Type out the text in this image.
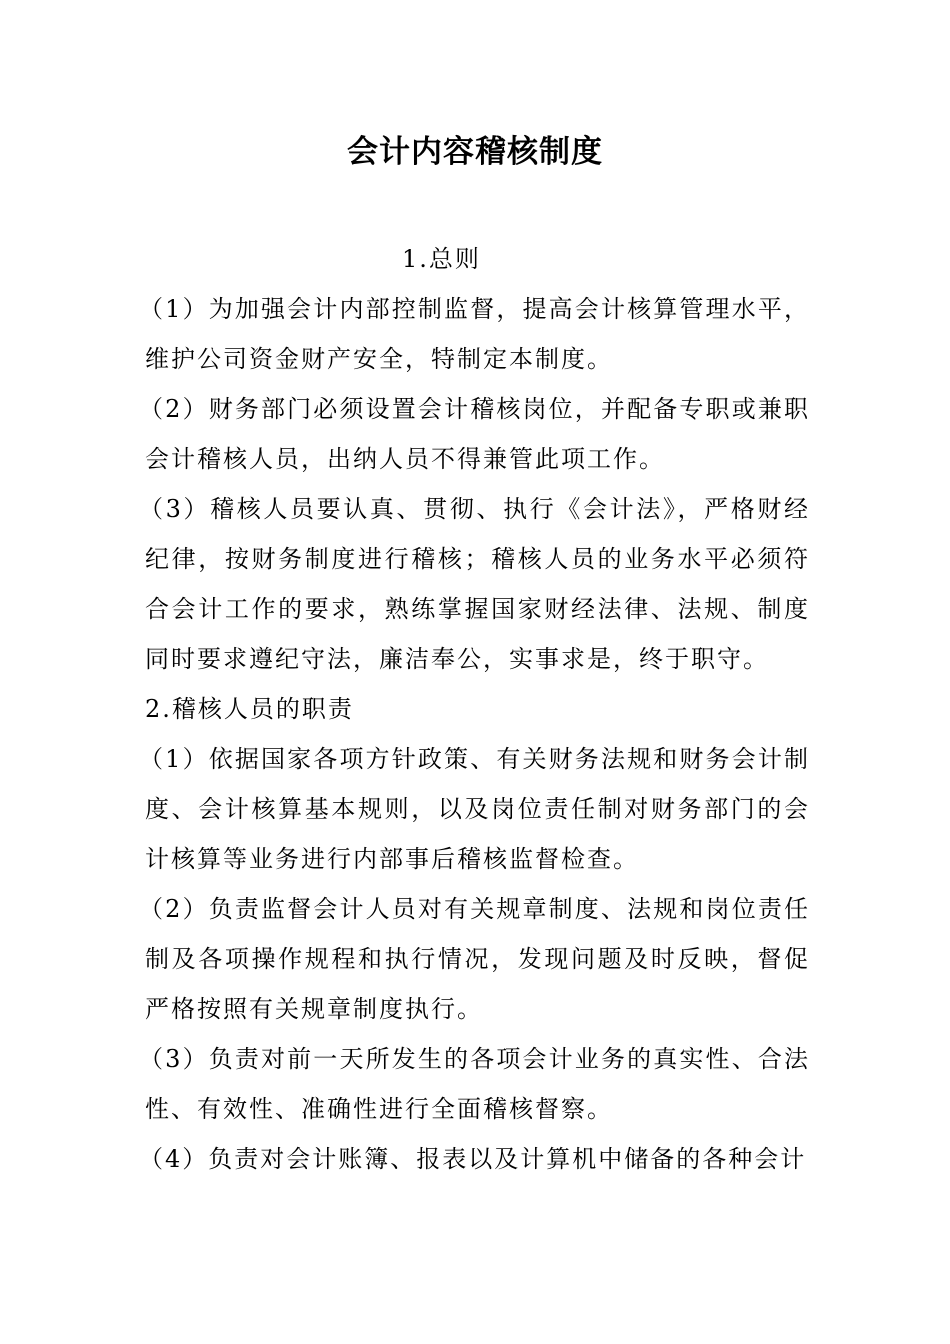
会计内容稽核制度

1.总则

（1）为加强会计内部控制监督，提高会计核算管理水平，维护公司资金财产安全，特制定本制度。

（2）财务部门必须设置会计稽核岗位，并配备专职或兼职会计稽核人员，出纳人员不得兼管此项工作。

（3）稽核人员要认真、贯彻、执行《会计法》，严格财经纪律，按财务制度进行稽核；稽核人员的业务水平必须符合会计工作的要求，熟练掌握国家财经法律、法规、制度同时要求遵纪守法，廉洁奉公，实事求是，终于职守。

2.稽核人员的职责

（1）依据国家各项方针政策、有关财务法规和财务会计制度、会计核算基本规则，以及岗位责任制对财务部门的会计核算等业务进行内部事后稽核监督检查。

（2）负责监督会计人员对有关规章制度、法规和岗位责任制及各项操作规程和执行情况，发现问题及时反映，督促严格按照有关规章制度执行。

（3）负责对前一天所发生的各项会计业务的真实性、合法性、有效性、准确性进行全面稽核督察。

（4）负责对会计账簿、报表以及计算机中储备的各种会计
